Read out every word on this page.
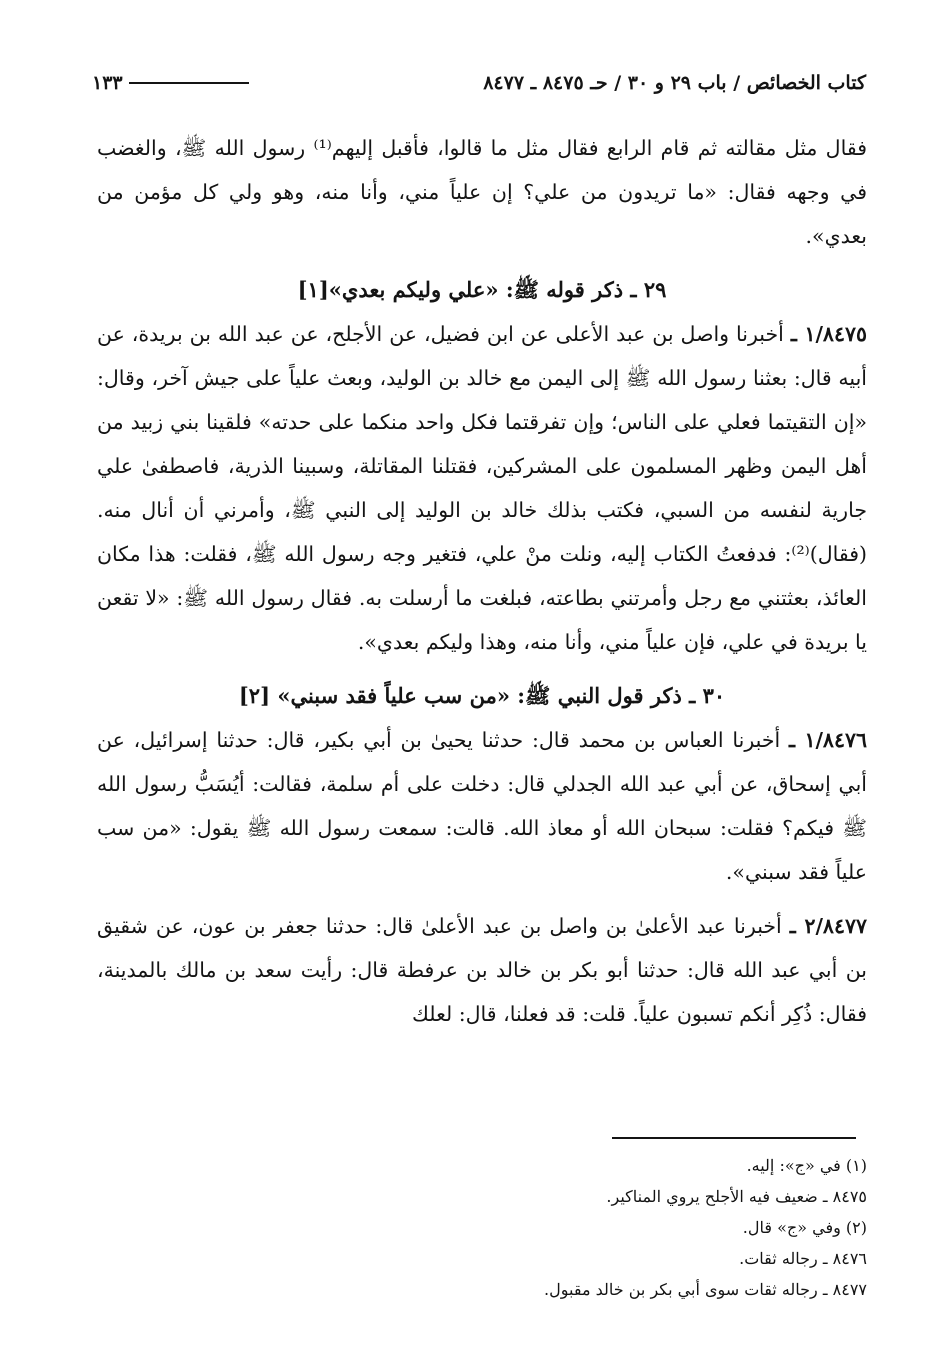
كتاب الخصائص / باب ٢٩ و ٣٠ / حـ ٨٤٧٥ ـ ٨٤٧٧
١٣٣

فقال مثل مقالته ثم قام الرابع فقال مثل ما قالوا، فأقبل إليهم⁽¹⁾ رسول الله ﷺ، والغضب في وجهه فقال: «ما تريدون من علي؟ إن علياً مني، وأنا منه، وهو ولي كل مؤمن من بعدي».

٢٩ ـ ذكر قوله ﷺ: «علي وليكم بعدي»[١]

١/٨٤٧٥ ـ أخبرنا واصل بن عبد الأعلى عن ابن فضيل، عن الأجلح، عن عبد الله بن بريدة، عن أبيه قال: بعثنا رسول الله ﷺ إلى اليمن مع خالد بن الوليد، وبعث علياً على جيش آخر، وقال: «إن التقيتما فعلي على الناس؛ وإن تفرقتما فكل واحد منكما على حدته» فلقينا بني زبيد من أهل اليمن وظهر المسلمون على المشركين، فقتلنا المقاتلة، وسبينا الذرية، فاصطفىٰ علي جارية لنفسه من السبي، فكتب بذلك خالد بن الوليد إلى النبي ﷺ، وأمرني أن أنال منه. (فقال)⁽²⁾: فدفعتُ الكتاب إليه، ونلت منْ علي، فتغير وجه رسول الله ﷺ، فقلت: هذا مكان العائذ، بعثتني مع رجل وأمرتني بطاعته، فبلغت ما أرسلت به. فقال رسول الله ﷺ: «لا تقعن يا بريدة في علي، فإن علياً مني، وأنا منه، وهذا وليكم بعدي».

٣٠ ـ ذكر قول النبي ﷺ: «من سب علياً فقد سبني» [٢]

١/٨٤٧٦ ـ أخبرنا العباس بن محمد قال: حدثنا يحيىٰ بن أبي بكير، قال: حدثنا إسرائيل، عن أبي إسحاق، عن أبي عبد الله الجدلي قال: دخلت على أم سلمة، فقالت: أيُسَبُّ رسول الله ﷺ فيكم؟ فقلت: سبحان الله أو معاذ الله. قالت: سمعت رسول الله ﷺ يقول: «من سب علياً فقد سبني».

٢/٨٤٧٧ ـ أخبرنا عبد الأعلىٰ بن واصل بن عبد الأعلىٰ قال: حدثنا جعفر بن عون، عن شقيق بن أبي عبد الله قال: حدثنا أبو بكر بن خالد بن عرفطة قال: رأيت سعد بن مالك بالمدينة، فقال: ذُكِر أنكم تسبون علياً. قلت: قد فعلنا، قال: لعلك

(١) في «ج»: إليه.

٨٤٧٥ ـ ضعيف فيه الأجلح يروي المناكير.

(٢) وفي «ج» قال.

٨٤٧٦ ـ رجاله ثقات.

٨٤٧٧ ـ رجاله ثقات سوى أبي بكر بن خالد مقبول.
